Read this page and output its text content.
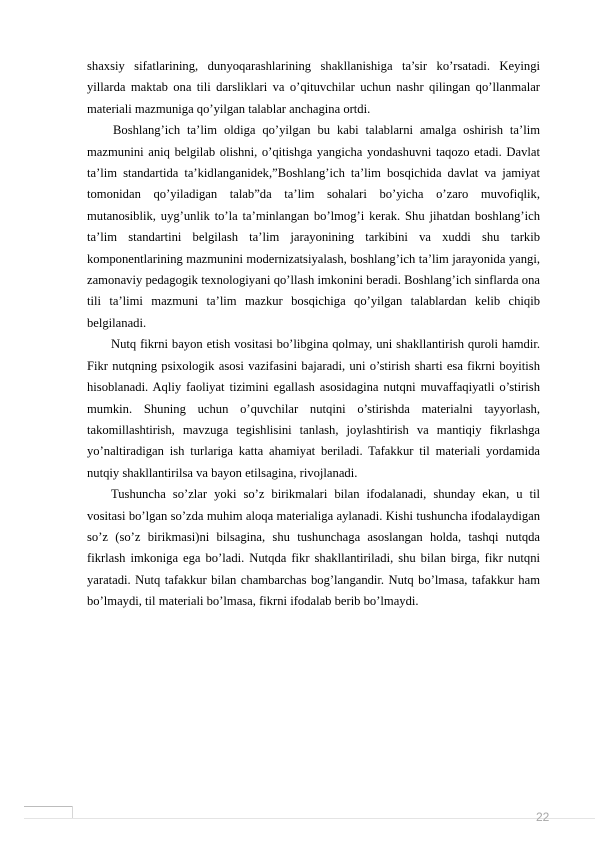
shaxsiy sifatlarining, dunyoqarashlarining shakllanishiga ta’sir ko’rsatadi. Keyingi yillarda maktab ona tili darsliklari va o’qituvchilar uchun nashr qilingan qo’llanmalar materiali mazmuniga qo’yilgan talablar anchagina ortdi.

Boshlang’ich ta’lim oldiga qo’yilgan bu kabi talablarni amalga oshirish ta’lim mazmunini aniq belgilab olishni, o’qitishga yangicha yondashuvni taqozo etadi. Davlat ta’lim standartida ta’kidlanganidek,”Boshlang’ich ta’lim bosqichida davlat va jamiyat tomonidan qo’yiladigan talab”da ta’lim sohalari bo’yicha o’zaro muvofiqlik, mutanosiblik, uyg’unlik to’la ta’minlangan bo’lmog’i kerak. Shu jihatdan boshlang’ich ta’lim standartini belgilash ta’lim jarayonining tarkibini va xuddi shu tarkib komponentlarining mazmunini modernizatsiyalash, boshlang’ich ta’lim jarayonida yangi, zamonaviy pedagogik texnologiyani qo’llash imkonini beradi. Boshlang’ich sinflarda ona tili ta’limi mazmuni ta’lim mazkur bosqichiga qo’yilgan talablardan kelib chiqib belgilanadi.

Nutq fikrni bayon etish vositasi bo’libgina qolmay, uni shakllantirish quroli hamdir. Fikr nutqning psixologik asosi vazifasini bajaradi, uni o’stirish sharti esa fikrni boyitish hisoblanadi. Aqliy faoliyat tizimini egallash asosidagina nutqni muvaffaqiyatli o’stirish mumkin. Shuning uchun o’quvchilar nutqini o’stirishda materialni tayyorlash, takomillashtirish, mavzuga tegishlisini tanlash, joylashtirish va mantiqiy fikrlashga yo’naltiradigan ish turlariga katta ahamiyat beriladi. Tafakkur til materiali yordamida nutqiy shakllantirilsa va bayon etilsagina, rivojlanadi.

Tushuncha so’zlar yoki so’z birikmalari bilan ifodalanadi, shunday ekan, u til vositasi bo’lgan so’zda muhim aloqa materialiga aylanadi. Kishi tushuncha ifodalaydigan so’z (so’z birikmasi)ni bilsagina, shu tushunchaga asoslangan holda, tashqi nutqda fikrlash imkoniga ega bo’ladi. Nutqda fikr shakllantiriladi, shu bilan birga, fikr nutqni yaratadi. Nutq tafakkur bilan chambarchas bog’langandir. Nutq bo’lmasa, tafakkur ham bo’lmaydi, til materiali bo’lmasa, fikrni ifodalab berib bo’lmaydi.

22
